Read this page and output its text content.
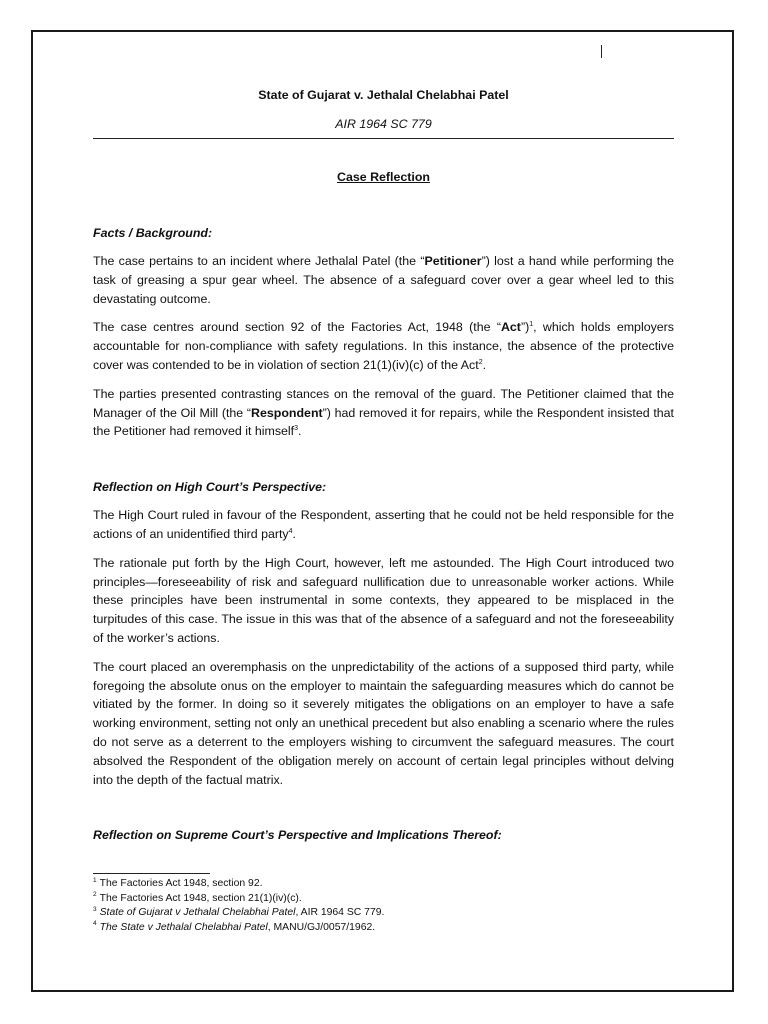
State of Gujarat v. Jethalal Chelabhai Patel

AIR 1964 SC 779

Case Reflection

Facts / Background:

The case pertains to an incident where Jethalal Patel (the “Petitioner”) lost a hand while performing the task of greasing a spur gear wheel. The absence of a safeguard cover over a gear wheel led to this devastating outcome.

The case centres around section 92 of the Factories Act, 1948 (the “Act”)$^1$, which holds employers accountable for non-compliance with safety regulations. In this instance, the absence of the protective cover was contended to be in violation of section 21(1)(iv)(c) of the Act$^2$.

The parties presented contrasting stances on the removal of the guard. The Petitioner claimed that the Manager of the Oil Mill (the “Respondent”) had removed it for repairs, while the Respondent insisted that the Petitioner had removed it himself$^3$.

Reflection on High Court’s Perspective:

The High Court ruled in favour of the Respondent, asserting that he could not be held responsible for the actions of an unidentified third party$^4$.

The rationale put forth by the High Court, however, left me astounded. The High Court introduced two principles—foreseeability of risk and safeguard nullification due to unreasonable worker actions. While these principles have been instrumental in some contexts, they appeared to be misplaced in the turpitudes of this case. The issue in this was that of the absence of a safeguard and not the foreseeability of the worker’s actions.

The court placed an overemphasis on the unpredictability of the actions of a supposed third party, while foregoing the absolute onus on the employer to maintain the safeguarding measures which do cannot be vitiated by the former. In doing so it severely mitigates the obligations on an employer to have a safe working environment, setting not only an unethical precedent but also enabling a scenario where the rules do not serve as a deterrent to the employers wishing to circumvent the safeguard measures. The court absolved the Respondent of the obligation merely on account of certain legal principles without delving into the depth of the factual matrix.

Reflection on Supreme Court’s Perspective and Implications Thereof:

$^1$ The Factories Act 1948, section 92.

$^2$ The Factories Act 1948, section 21(1)(iv)(c).

$^3$ State of Gujarat v Jethalal Chelabhai Patel, AIR 1964 SC 779.

$^4$ The State v Jethalal Chelabhai Patel, MANU/GJ/0057/1962.
